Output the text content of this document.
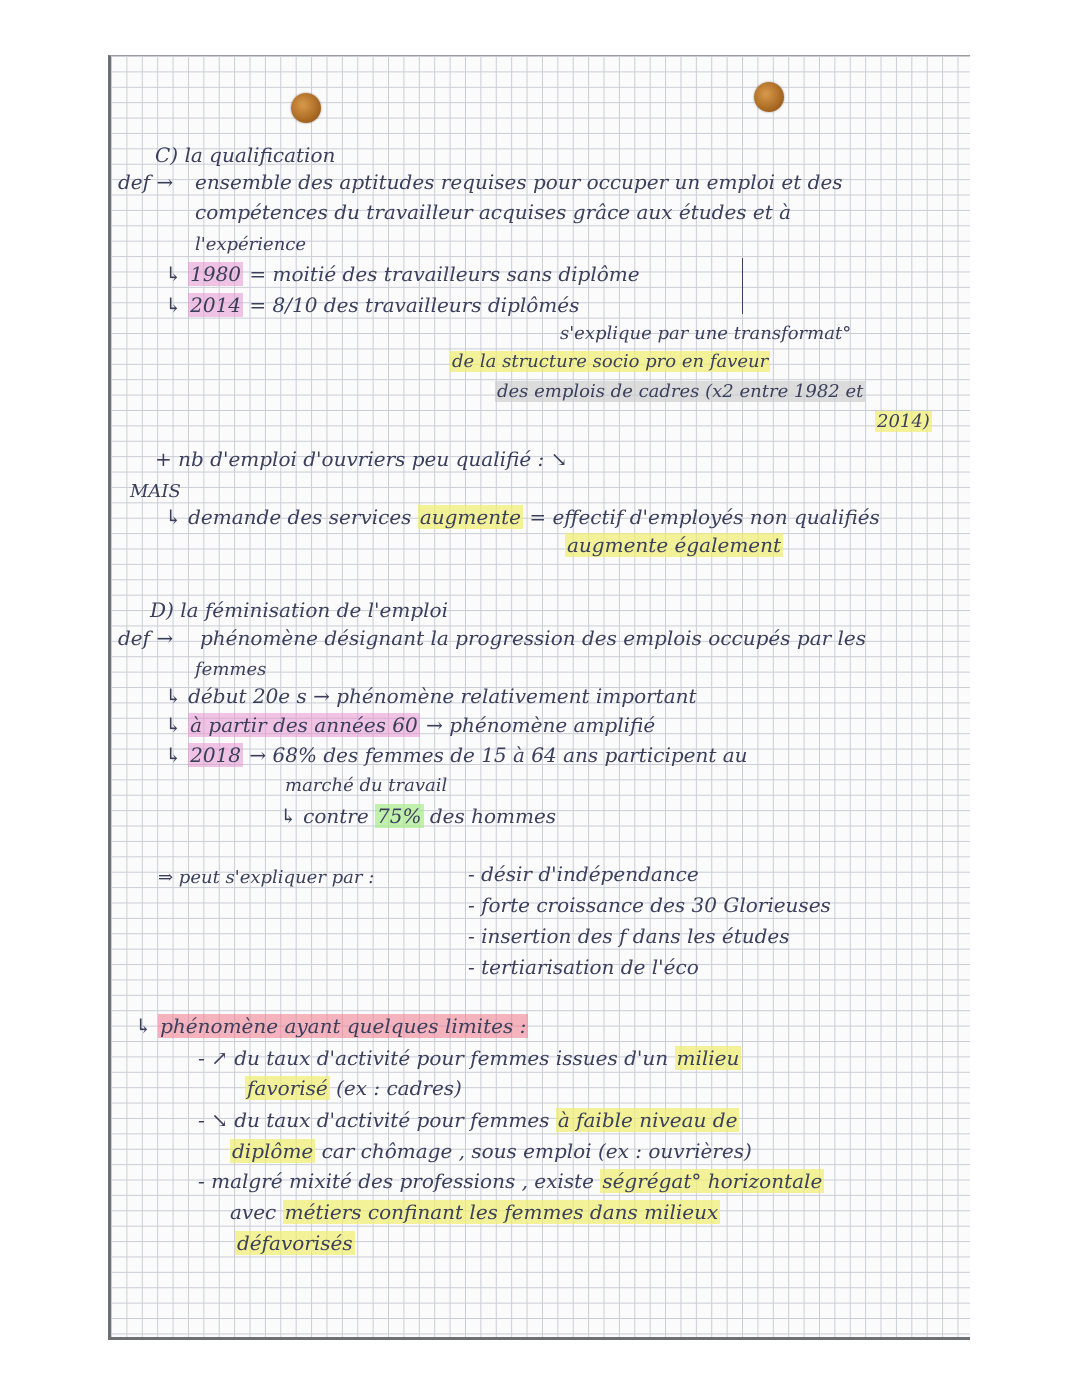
C) la qualification
def → ensemble des aptitudes requises pour occuper un emploi et des
compétences du travailleur acquises grâce aux études et à
l'expérience
↳ 1980 = moitié des travailleurs sans diplôme
↳ 2014 = 8/10 des travailleurs diplômés
s'explique par une transformat°
de la structure socio pro en faveur
des emplois de cadres (x2 entre 1982 et
2014)
+ nb d'emploi d'ouvriers peu qualifié : ↘
MAIS
↳ demande des services augmente = effectif d'employés non qualifiés
augmente également
D) la féminisation de l'emploi
def → phénomène désignant la progression des emplois occupés par les
femmes
↳ début 20e s → phénomène relativement important
↳ à partir des années 60 → phénomène amplifié
↳ 2018 → 68% des femmes de 15 à 64 ans participent au
marché du travail
↳ contre 75% des hommes
⇒ peut s'expliquer par :	- désir d'indépendance
- forte croissance des 30 Glorieuses
- insertion des f dans les études
- tertiarisation de l'éco
↳ phénomène ayant quelques limites :
- ↗ du taux d'activité pour femmes issues d'un milieu
favorisé (ex : cadres)
- ↘ du taux d'activité pour femmes à faible niveau de
diplôme car chômage , sous emploi (ex : ouvrières)
- malgré mixité des professions , existe ségrégat° horizontale
avec métiers confinant les femmes dans milieux
défavorisés
